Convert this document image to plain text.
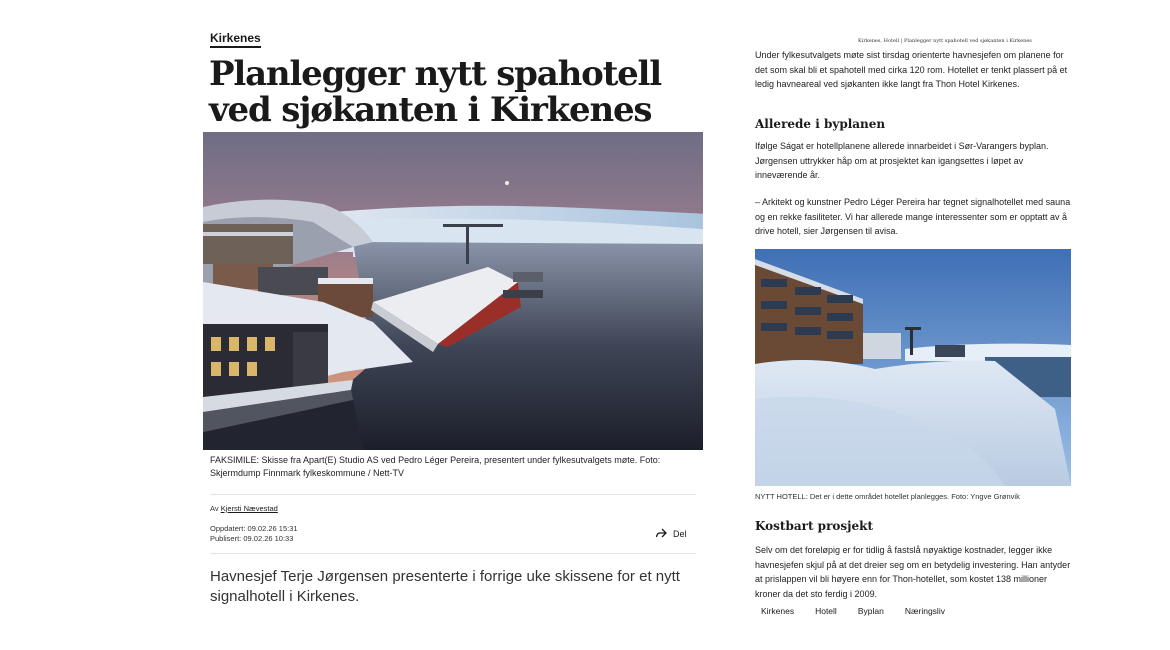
Kirkenes
Planlegger nytt spahotell ved sjøkanten i Kirkenes

FAKSIMILE: Skisse fra Apart(E) Studio AS ved Pedro Léger Pereira, presentert under fylkesutvalgets møte. Foto: Skjermdump Finnmark fylkeskommune / Nett-TV

Av Kjersti Nævestad
Oppdatert: 09.02.26 15:31
Publisert: 09.02.26 10:33	Del

Havnesjef Terje Jørgensen presenterte i forrige uke skissene for et nytt signalhotell i Kirkenes.

Kirkenes, Hotell | Planlegger nytt spahotell ved sjøkanten i Kirkenes

Under fylkesutvalgets møte sist tirsdag orienterte havnesjefen om planene for det som skal bli et spahotell med cirka 120 rom. Hotellet er tenkt plassert på et ledig havneareal ved sjøkanten ikke langt fra Thon Hotel Kirkenes.

Allerede i byplanen

Ifølge Ságat er hotellplanene allerede innarbeidet i Sør-Varangers byplan. Jørgensen uttrykker håp om at prosjektet kan igangsettes i løpet av inneværende år.

– Arkitekt og kunstner Pedro Léger Pereira har tegnet signalhotellet med sauna og en rekke fasiliteter. Vi har allerede mange interessenter som er opptatt av å drive hotell, sier Jørgensen til avisa.

NYTT HOTELL: Det er i dette området hotellet planlegges. Foto: Yngve Grønvik

Kostbart prosjekt

Selv om det foreløpig er for tidlig å fastslå nøyaktige kostnader, legger ikke havnesjefen skjul på at det dreier seg om en betydelig investering. Han antyder at prislappen vil bli høyere enn for Thon-hotellet, som kostet 138 millioner kroner da det sto ferdig i 2009.

Kirkenes Hotell Byplan Næringsliv
